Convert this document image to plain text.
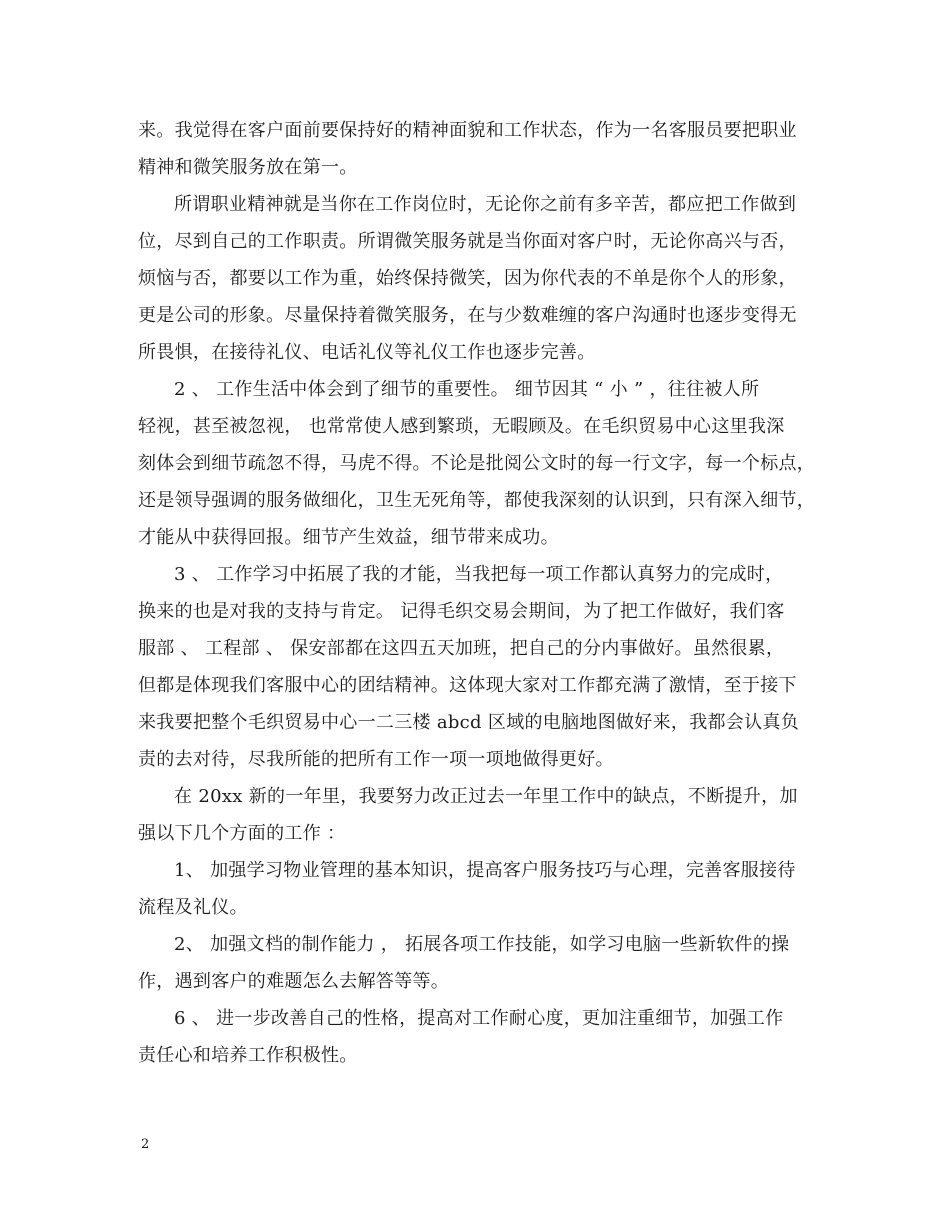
来。我觉得在客户面前要保持好的精神面貌和工作状态，作为一名客服员要把职业
精神和微笑服务放在第一。
所谓职业精神就是当你在工作岗位时，无论你之前有多辛苦，都应把工作做到
位，尽到自己的工作职责。所谓微笑服务就是当你面对客户时，无论你高兴与否，
烦恼与否，都要以工作为重，始终保持微笑，因为你代表的不单是你个人的形象，
更是公司的形象。尽量保持着微笑服务，在与少数难缠的客户沟通时也逐步变得无
所畏惧，在接待礼仪、电话礼仪等礼仪工作也逐步完善。
2 、 工作生活中体会到了细节的重要性。 细节因其 “ 小 ” ，往往被人所
轻视，甚至被忽视， 也常常使人感到繁琐，无暇顾及。在毛织贸易中心这里我深
刻体会到细节疏忽不得，马虎不得。不论是批阅公文时的每一行文字，每一个标点，
还是领导强调的服务做细化，卫生无死角等，都使我深刻的认识到，只有深入细节，
才能从中获得回报。细节产生效益，细节带来成功。
3 、 工作学习中拓展了我的才能，当我把每一项工作都认真努力的完成时，
换来的也是对我的支持与肯定。 记得毛织交易会期间，为了把工作做好，我们客
服部 、 工程部 、 保安部都在这四五天加班，把自己的分内事做好。虽然很累，
但都是体现我们客服中心的团结精神。这体现大家对工作都充满了激情，至于接下
来我要把整个毛织贸易中心一二三楼 abcd 区域的电脑地图做好来，我都会认真负
责的去对待，尽我所能的把所有工作一项一项地做得更好。
在 20xx 新的一年里，我要努力改正过去一年里工作中的缺点，不断提升，加
强以下几个方面的工作 ：
1、 加强学习物业管理的基本知识，提高客户服务技巧与心理，完善客服接待
流程及礼仪。
2、 加强文档的制作能力 ， 拓展各项工作技能，如学习电脑一些新软件的操
作，遇到客户的难题怎么去解答等等。
6 、 进一步改善自己的性格，提高对工作耐心度，更加注重细节，加强工作
责任心和培养工作积极性。
2
